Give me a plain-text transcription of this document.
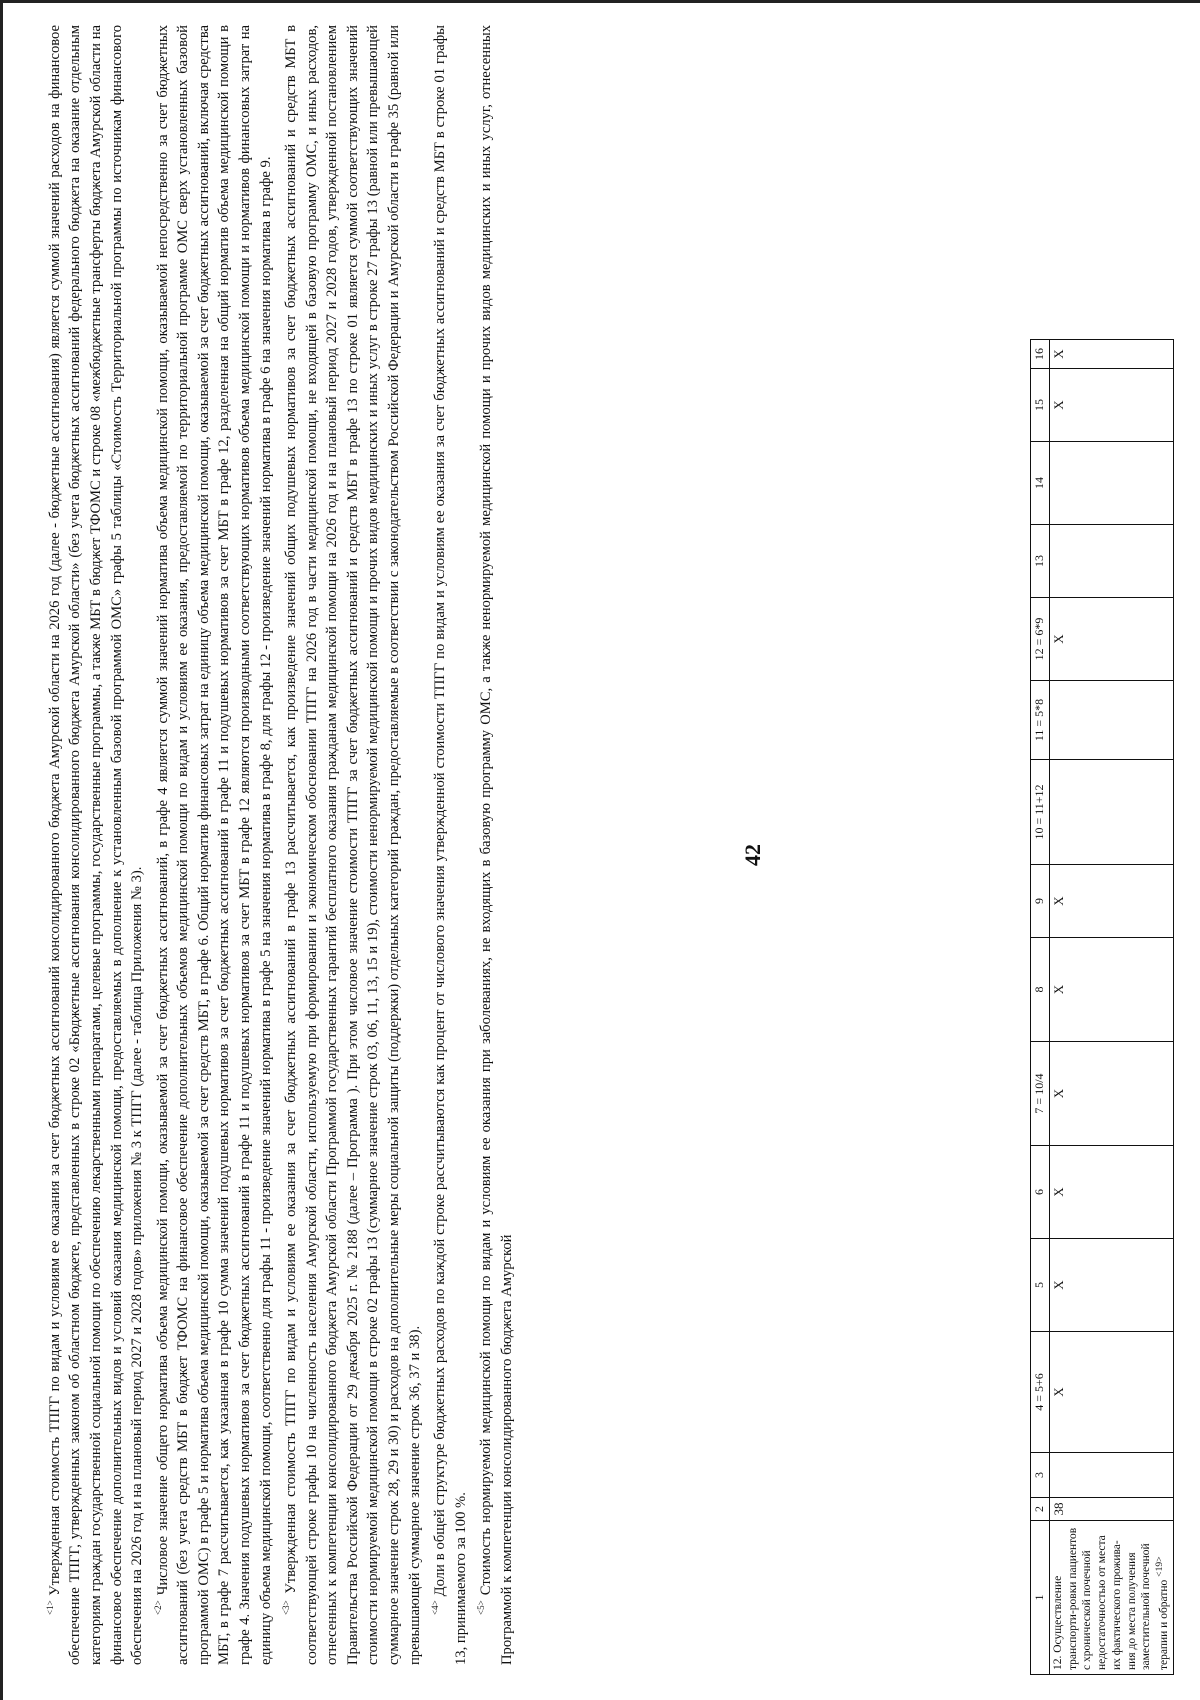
$^{<1>}$ Утвержденная стоимость ТПГГ по видам и условиям ее оказания за счет бюджетных ассигнований консолидированного бюджета Амурской области на 2026 год (далее - бюджетные ассигнования) является суммой значений расходов на финансовое обеспечение ТПГГ, утвержденных законом об областном бюджете, представленных в строке 02 «Бюджетные ассигнования консолидированного бюджета Амурской области» (без учета бюджетных ассигнований федерального бюджета на оказание отдельным категориям граждан государственной социальной помощи по обеспечению лекарственными препаратами, целевые программы, государственные программы, а также МБТ в бюджет ТФОМС и строке 08 «межбюджетные трансферты бюджета Амурской области на финансовое обеспечение дополнительных видов и условий оказания медицинской помощи, предоставляемых в дополнение к установленным базовой программой ОМС» графы 5 таблицы «Стоимость Территориальной программы по источникам финансового обеспечения на 2026 год и на плановый период 2027 и 2028 годов» приложения № 3 к ТПГГ (далее - таблица Приложения № 3). $^{<2>}$ Числовое значение общего норматива объема медицинской помощи, оказываемой за счет бюджетных ассигнований, в графе 4 является суммой значений норматива объема медицинской помощи, оказываемой непосредственно за счет бюджетных ассигнований (без учета средств МБТ в бюджет ТФОМС на финансовое обеспечение дополнительных объемов медицинской помощи по видам и условиям ее оказания, предоставляемой по территориальной программе ОМС сверх установленных базовой программой ОМС) в графе 5 и норматива объема медицинской помощи, оказываемой за счет средств МБТ, в графе 6. Общий норматив финансовых затрат на единицу объема медицинской помощи, оказываемой за счет бюджетных ассигнований, включая средства МБТ, в графе 7 рассчитывается, как указанная в графе 10 сумма значений подушевых нормативов за счет бюджетных ассигнований в графе 11 и подушевых нормативов за счет МБТ в графе 12, разделенная на общий норматив объема медицинской помощи в графе 4. Значения подушевых нормативов за счет бюджетных ассигнований в графе 11 и подушевых нормативов за счет МБТ в графе 12 являются производными соответствующих нормативов объема медицинской помощи и нормативов финансовых затрат на единицу объема медицинской помощи, соответственно для графы 11 - произведение значений норматива в графе 5 на значения норматива в графе 8, для графы 12 - произведение значений норматива в графе 6 на значения норматива в графе 9. $^{<3>}$ Утвержденная стоимость ТПГГ по видам и условиям ее оказания за счет бюджетных ассигнований в графе 13 рассчитывается, как произведение значений общих подушевых нормативов за счет бюджетных ассигнований и средств МБТ в соответствующей строке графы 10 на численность населения Амурской области, используемую при формировании и экономическом обосновании ТПГГ на 2026 год в части медицинской помощи, не входящей в базовую программу ОМС, и иных расходов, отнесенных к компетенции консолидированного бюджета Амурской области Программой государственных гарантий бесплатного оказания гражданам медицинской помощи на 2026 год и на плановый период 2027 и 2028 годов, утвержденной постановлением Правительства Российской Федерации от 29 декабря 2025 г. № 2188 (далее – Программа ). При этом числовое значение стоимости ТПГГ за счет бюджетных ассигнований и средств МБТ в графе 13 по строке 01 является суммой соответствующих значений стоимости нормируемой медицинской помощи в строке 02 графы 13 (суммарное значение строк 03, 06, 11, 13, 15 и 19), стоимости ненормируемой медицинской помощи и прочих видов медицинских и иных услуг в строке 27 графы 13 (равной или превышающей суммарное значение строк 28, 29 и 30) и расходов на дополнительные меры социальной защиты (поддержки) отдельных категорий граждан, предоставляемые в соответствии с законодательством Российской Федерации и Амурской области в графе 35 (равной или превышающей суммарное значение строк 36, 37 и 38). $^{<4>}$ Доли в общей структуре бюджетных расходов по каждой строке рассчитываются как процент от числового значения утвержденной стоимости ТПГГ по видам и условиям ее оказания за счет бюджетных ассигнований и средств МБТ в строке 01 графы 13, принимаемого за 100 %. $^{<5>}$ Стоимость нормируемой медицинской помощи по видам и условиям ее оказания при заболеваниях, не входящих в базовую программу ОМС, а также ненормируемой медицинской помощи и прочих видов медицинских и иных услуг, отнесенных Программой к компетенции консолидированного бюджета Амурской

42
1	2	3	4 = 5+6	5	6	7 = 10/4	8	9	10 = 11+12	11 = 5*8	12 = 6*9	13	14	15	16
12. Осуществление транспорти-ровки пациентов с хронической почечной недостаточностью от места их фактического прожива-ния до места получения заместительной почечной терапии и обратно $^{<19>}$	38		X	X	X	X	X	X			X			X	X
